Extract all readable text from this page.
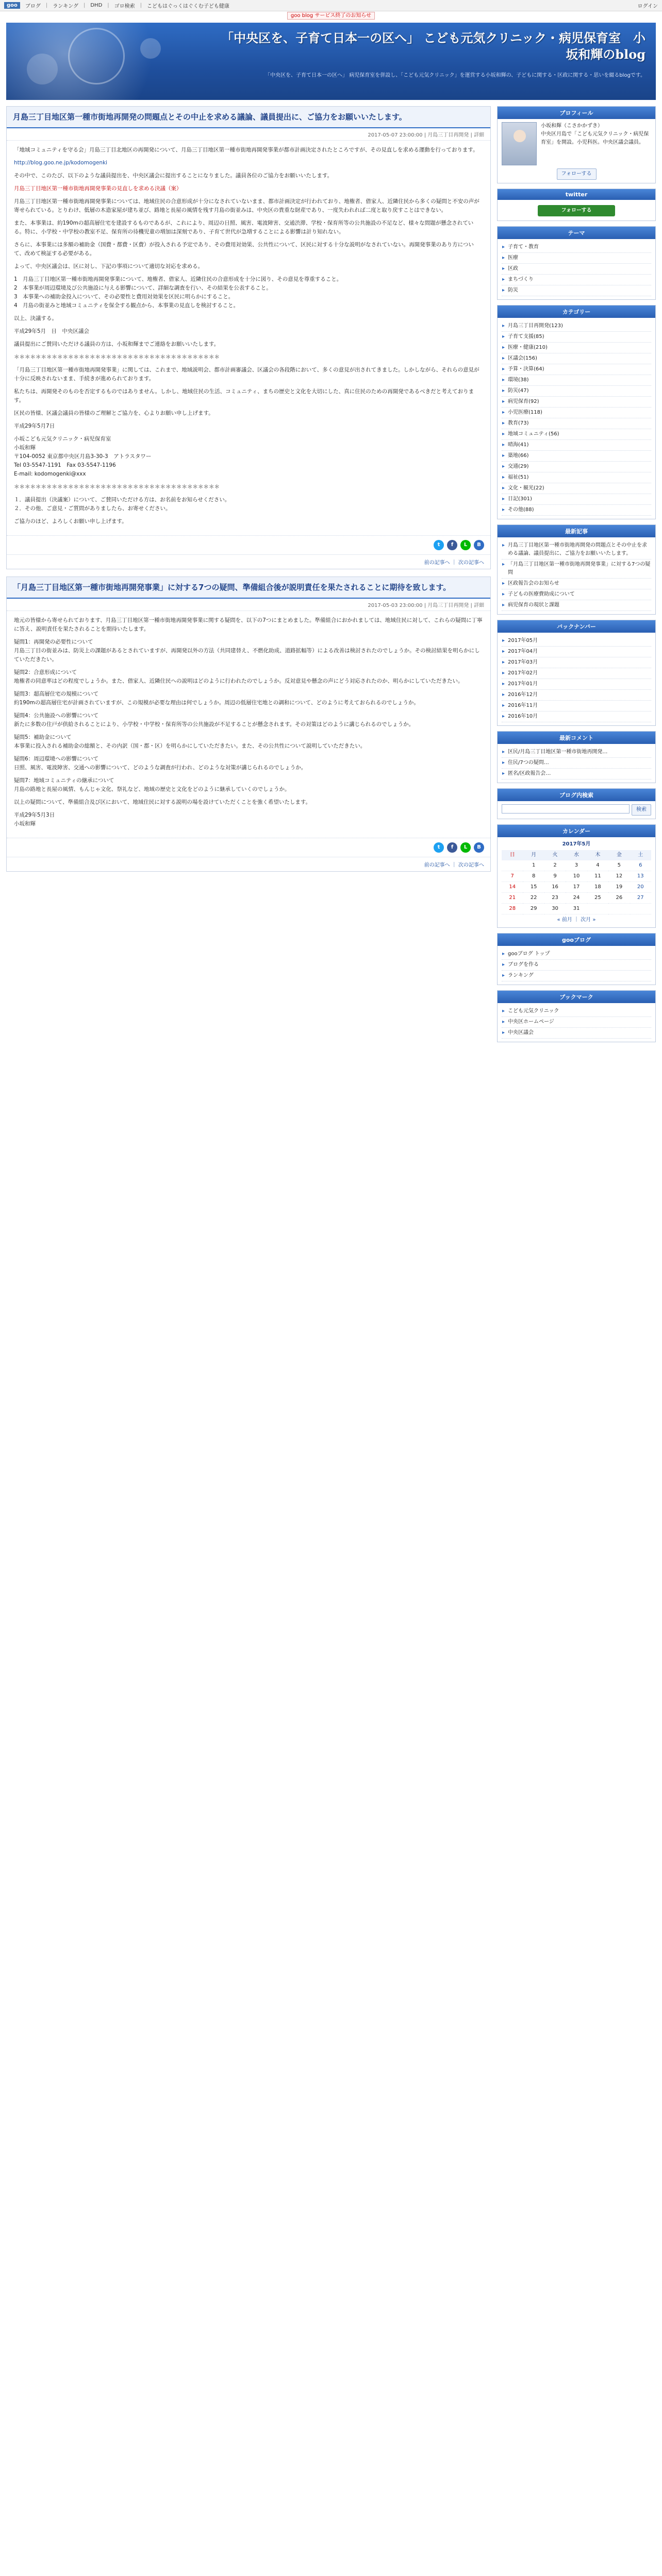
goo	ブログ | ランキング | DHD | ゴロ検索 | こどもはぐっくはぐくむ子ども健康	ログイン
goo blog サービス終了のお知らせ
「中央区を、子育て日本一の区へ」 こども元気クリニック・病児保育室　小坂和輝のblog
「中央区を、子育て日本一の区へ」 病児保育室を併設し、「こども元気クリニック」を運営する小坂和輝の、子どもに関する・区政に関する・思いを綴るblogです。
月島三丁目地区第一種市街地再開発の問題点とその中止を求める議論、議員提出に、ご協力をお願いいたします。
2017-05-07 23:00:00 | 月島三丁目再開発 | 詳細

「地域コミュニティを守る会」月島三丁目北地区の再開発について、月島三丁目地区第一種市街地再開発事業が都市計画決定されたところですが、その見直しを求める運動を行っております。

http://blog.goo.ne.jp/kodomogenki

その中で、このたび、以下のような議員提出を、中央区議会に提出することになりました。議員各位のご協力をお願いいたします。

月島三丁目地区第一種市街地再開発事業の見直しを求める決議（案）

月島三丁目地区第一種市街地再開発事業については、地域住民の合意形成が十分になされていないまま、都市計画決定が行われており、地権者、借家人、近隣住民から多くの疑問と不安の声が寄せられている。とりわけ、低層の木造家屋が建ち並び、路地と長屋の風情を残す月島の街並みは、中央区の貴重な財産であり、一度失われれば二度と取り戻すことはできない。

また、本事業は、約190mの超高層住宅を建設するものであるが、これにより、周辺の日照、風害、電波障害、交通渋滞、学校・保育所等の公共施設の不足など、様々な問題が懸念されている。特に、小学校・中学校の教室不足、保育所の待機児童の増加は深刻であり、子育て世代が急増することによる影響は計り知れない。

さらに、本事業には多額の補助金（国費・都費・区費）が投入される予定であり、その費用対効果、公共性について、区民に対する十分な説明がなされていない。再開発事業のあり方について、改めて検証する必要がある。

よって、中央区議会は、区に対し、下記の事項について適切な対応を求める。

1　月島三丁目地区第一種市街地再開発事業について、地権者、借家人、近隣住民の合意形成を十分に図り、その意見を尊重すること。
2　本事業が周辺環境及び公共施設に与える影響について、詳細な調査を行い、その結果を公表すること。
3　本事業への補助金投入について、その必要性と費用対効果を区民に明らかにすること。
4　月島の街並みと地域コミュニティを保全する観点から、本事業の見直しを検討すること。

以上、決議する。

平成29年5月　日　中央区議会

議員提出にご賛同いただける議員の方は、小坂和輝までご連絡をお願いいたします。

＊＊＊＊＊＊＊＊＊＊＊＊＊＊＊＊＊＊＊＊＊＊＊＊＊＊＊＊＊＊＊＊＊＊＊＊＊＊

「月島三丁目地区第一種市街地再開発事業」に関しては、これまで、地域説明会、都市計画審議会、区議会の各段階において、多くの意見が出されてきました。しかしながら、それらの意見が十分に反映されないまま、手続きが進められております。

私たちは、再開発そのものを否定するものではありません。しかし、地域住民の生活、コミュニティ、まちの歴史と文化を大切にした、真に住民のための再開発であるべきだと考えております。

区民の皆様、区議会議員の皆様のご理解とご協力を、心よりお願い申し上げます。

平成29年5月7日

小坂こども元気クリニック・病児保育室
小坂和輝
〒104-0052 東京都中央区月島3-30-3　アトラスタワー
Tel 03-5547-1191　Fax 03-5547-1196
E-mail: kodomogenki@xxx

＊＊＊＊＊＊＊＊＊＊＊＊＊＊＊＊＊＊＊＊＊＊＊＊＊＊＊＊＊＊＊＊＊＊＊＊＊＊

１．議員提出（決議案）について、ご賛同いただける方は、お名前をお知らせください。
２．その他、ご意見・ご質問がありましたら、お寄せください。

ご協力のほど、よろしくお願い申し上げます。

t	f	L	B
前の記事へ ｜ 次の記事へ
「月島三丁目地区第一種市街地再開発事業」に対する7つの疑問、準備組合後が説明責任を果たされることに期待を致します。
2017-05-03 23:00:00 | 月島三丁目再開発 | 詳細

地元の皆様から寄せられております、月島三丁目地区第一種市街地再開発事業に関する疑問を、以下の7つにまとめました。準備組合におかれましては、地域住民に対して、これらの疑問に丁寧に答え、説明責任を果たされることを期待いたします。

疑問1：再開発の必要性について
月島三丁目の街並みは、防災上の課題があるとされていますが、再開発以外の方法（共同建替え、不燃化助成、道路拡幅等）による改善は検討されたのでしょうか。その検討結果を明らかにしていただきたい。

疑問2：合意形成について
地権者の同意率はどの程度でしょうか。また、借家人、近隣住民への説明はどのように行われたのでしょうか。反対意見や懸念の声にどう対応されたのか、明らかにしていただきたい。

疑問3：超高層住宅の規模について
約190mの超高層住宅が計画されていますが、この規模が必要な理由は何でしょうか。周辺の低層住宅地との調和について、どのように考えておられるのでしょうか。

疑問4：公共施設への影響について
新たに多数の住戸が供給されることにより、小学校・中学校・保育所等の公共施設が不足することが懸念されます。その対策はどのように講じられるのでしょうか。

疑問5：補助金について
本事業に投入される補助金の総額と、その内訳（国・都・区）を明らかにしていただきたい。また、その公共性について説明していただきたい。

疑問6：周辺環境への影響について
日照、風害、電波障害、交通への影響について、どのような調査が行われ、どのような対策が講じられるのでしょうか。

疑問7：地域コミュニティの継承について
月島の路地と長屋の風情、もんじゃ文化、祭礼など、地域の歴史と文化をどのように継承していくのでしょうか。

以上の疑問について、準備組合及び区において、地域住民に対する説明の場を設けていただくことを強く希望いたします。

平成29年5月3日
小坂和輝

t	f	L	B
前の記事へ ｜ 次の記事へ
プロフィール
小坂和輝（こさかかずき）
中央区月島で「こども元気クリニック・病児保育室」を開設。小児科医。中央区議会議員。
フォローする
twitter
フォローする
テーマ
▸ 子育て・教育
▸ 医療
▸ 区政
▸ まちづくり
▸ 防災
カテゴリー
▸ 月島三丁目再開発(123)
▸ 子育て支援(85)
▸ 医療・健康(210)
▸ 区議会(156)
▸ 予算・決算(64)
▸ 環境(38)
▸ 防災(47)
▸ 病児保育(92)
▸ 小児医療(118)
▸ 教育(73)
▸ 地域コミュニティ(56)
▸ 晴海(41)
▸ 築地(66)
▸ 交通(29)
▸ 福祉(51)
▸ 文化・観光(22)
▸ 日記(301)
▸ その他(88)
最新記事
▸ 月島三丁目地区第一種市街地再開発の問題点とその中止を求める議論、議員提出に、ご協力をお願いいたします。
▸ 「月島三丁目地区第一種市街地再開発事業」に対する7つの疑問
▸ 区政報告会のお知らせ
▸ 子どもの医療費助成について
▸ 病児保育の現状と課題
バックナンバー
▸ 2017年05月
▸ 2017年04月
▸ 2017年03月
▸ 2017年02月
▸ 2017年01月
▸ 2016年12月
▸ 2016年11月
▸ 2016年10月
最新コメント
▸ 区民/月島三丁目地区第一種市街地再開発…
▸ 住民/7つの疑問…
▸ 匿名/区政報告会…
ブログ内検索
検索
カレンダー
2017年5月
日	月	火	水	木	金	土
	1	2	3	4	5	6
7	8	9	10	11	12	13
14	15	16	17	18	19	20
21	22	23	24	25	26	27
28	29	30	31			
« 前月 ｜ 次月 »
gooブログ
▸ gooブログ トップ
▸ ブログを作る
▸ ランキング
ブックマーク
▸ こども元気クリニック
▸ 中央区ホームページ
▸ 中央区議会
